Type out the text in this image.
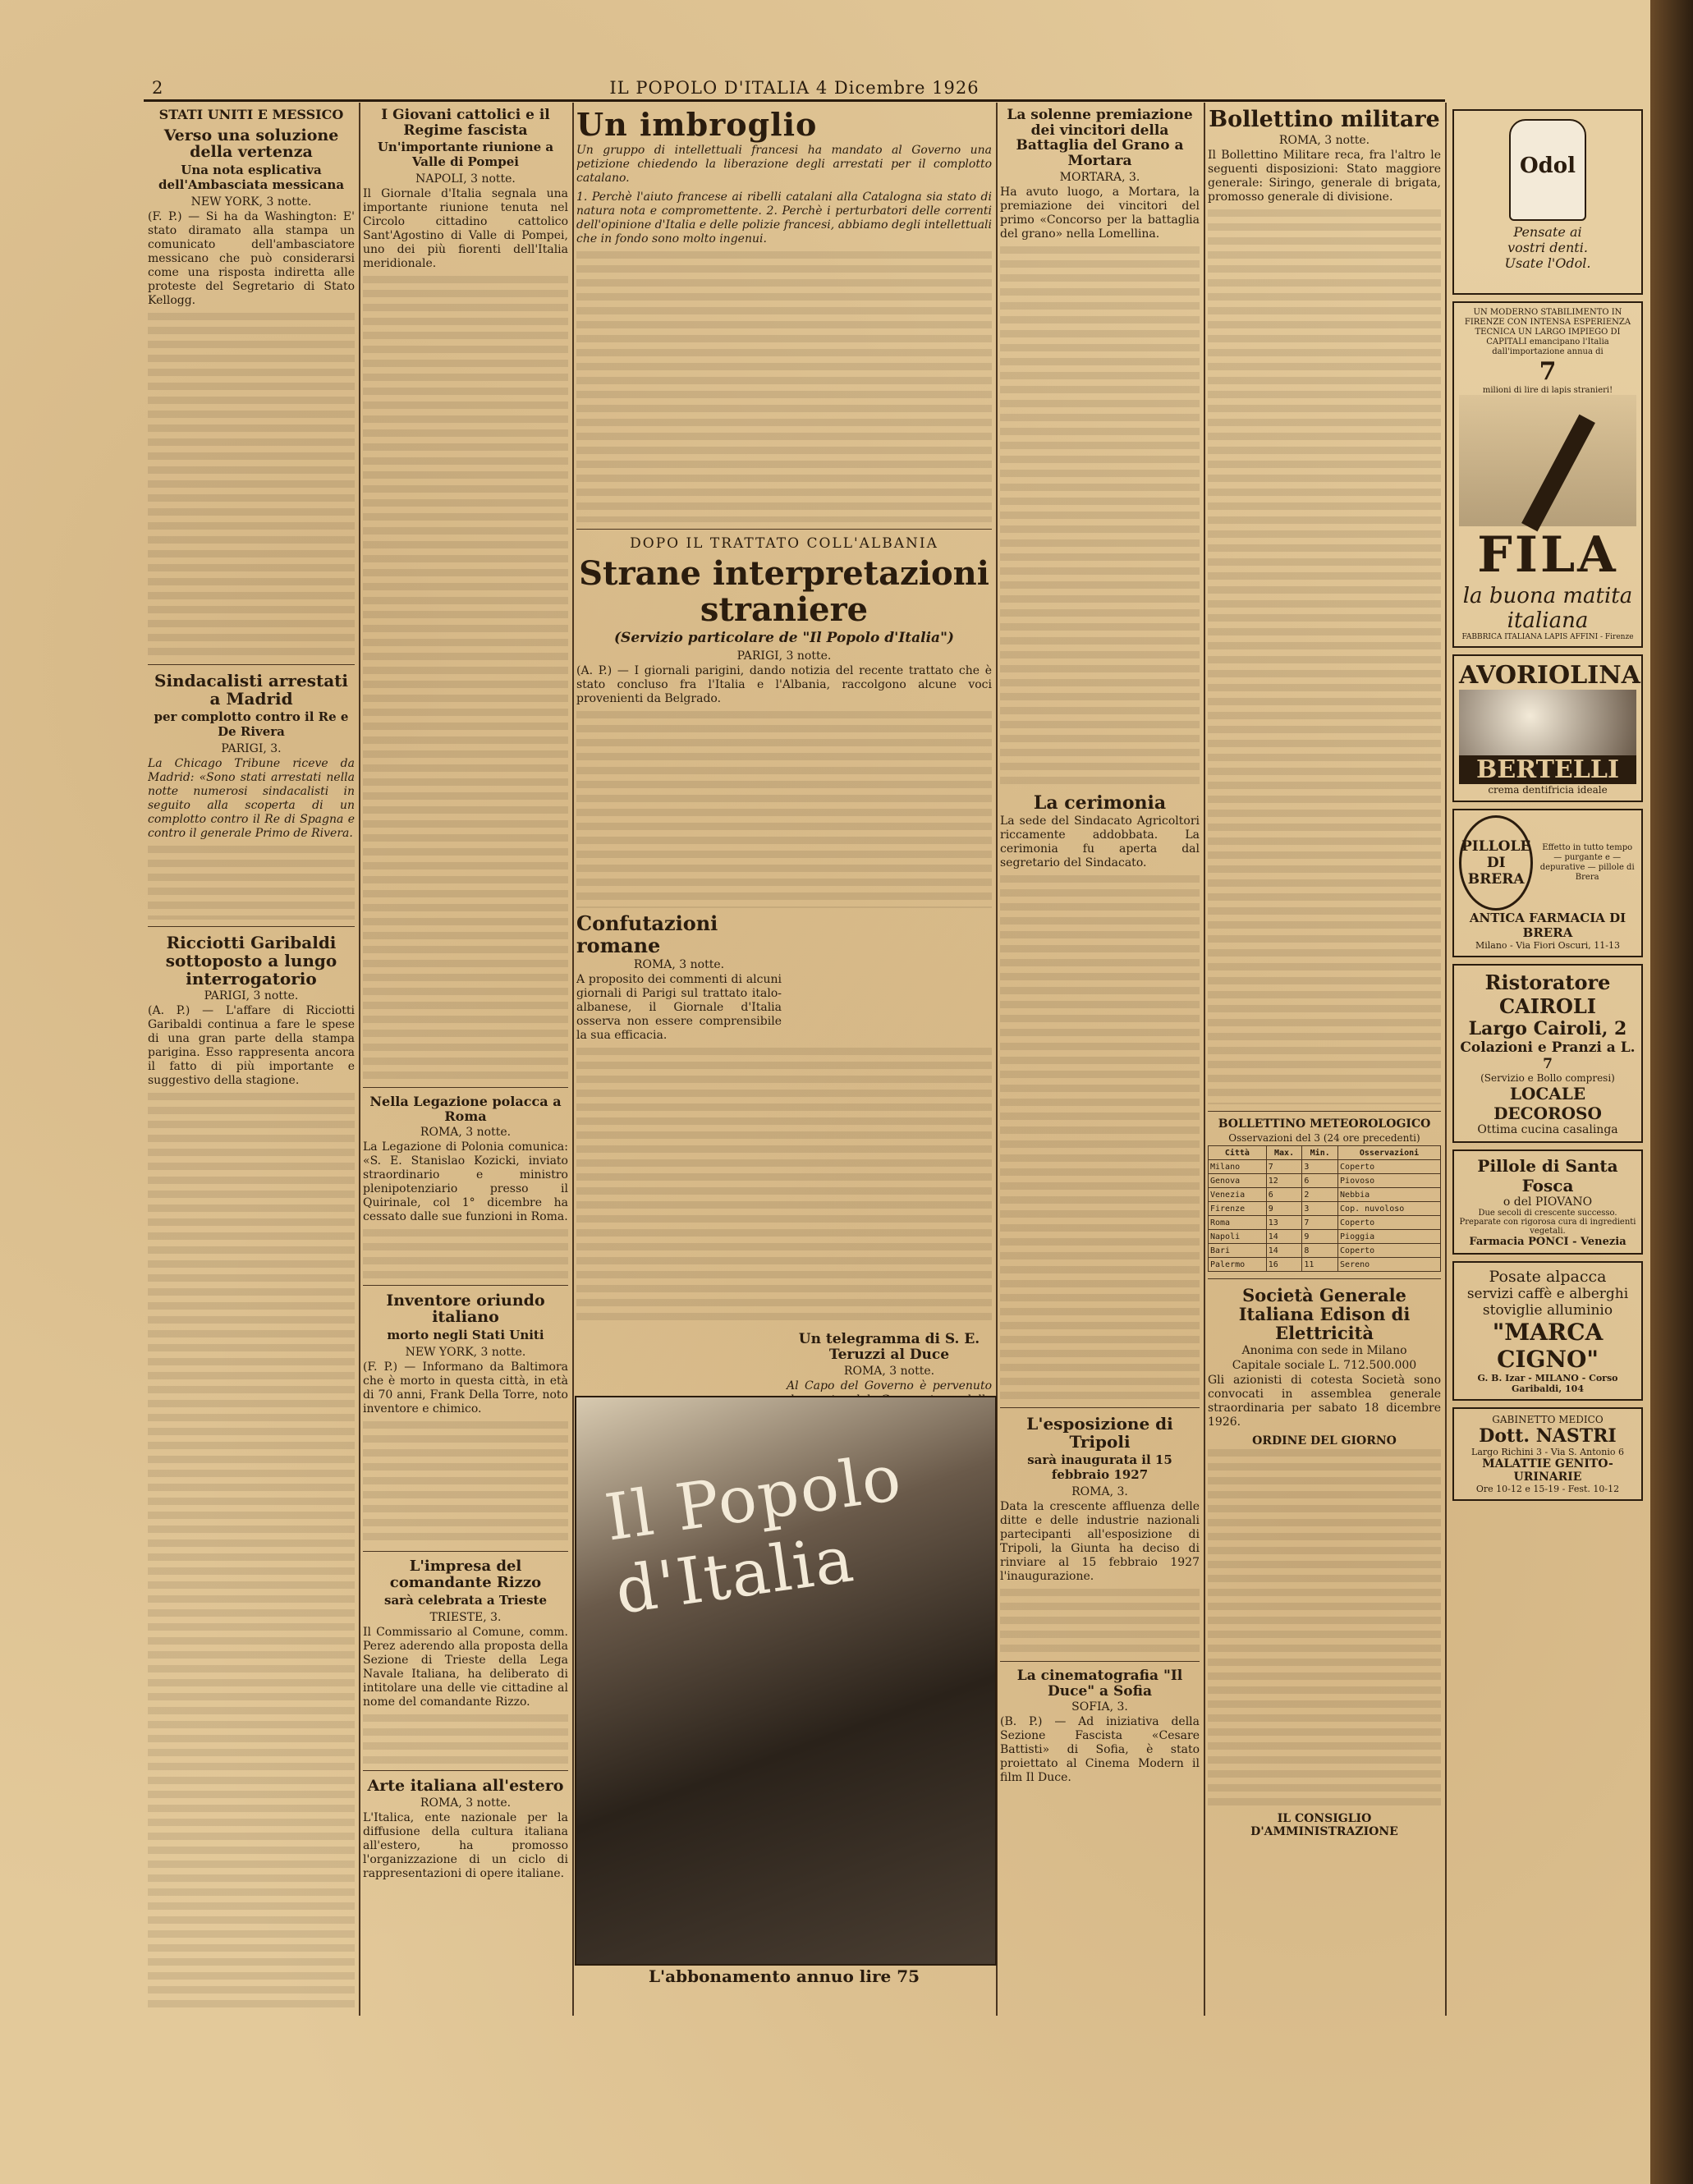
2	IL POPOLO D'ITALIA 4 Dicembre 1926
STATI UNITI E MESSICO
Verso una soluzione della vertenza
Una nota esplicativa dell'Ambasciata messicana
NEW YORK, 3 notte.

(F. P.) — Si ha da Washington: E' stato diramato alla stampa un comunicato dell'ambasciatore messicano che può considerarsi come una risposta indiretta alle proteste del Segretario di Stato Kellogg.

Sindacalisti arrestati a Madrid
per complotto contro il Re e De Rivera
PARIGI, 3.

La Chicago Tribune riceve da Madrid: «Sono stati arrestati nella notte numerosi sindacalisti in seguito alla scoperta di un complotto contro il Re di Spagna e contro il generale Primo de Rivera.

Ricciotti Garibaldi sottoposto a lungo interrogatorio
PARIGI, 3 notte.

(A. P.) — L'affare di Ricciotti Garibaldi continua a fare le spese di una gran parte della stampa parigina. Esso rappresenta ancora il fatto di più importante e suggestivo della stagione.

I Giovani cattolici e il Regime fascista
Un'importante riunione a Valle di Pompei
NAPOLI, 3 notte.

Il Giornale d'Italia segnala una importante riunione tenuta nel Circolo cittadino cattolico Sant'Agostino di Valle di Pompei, uno dei più fiorenti dell'Italia meridionale.

Nella Legazione polacca a Roma
ROMA, 3 notte.

La Legazione di Polonia comunica: «S. E. Stanislao Kozicki, inviato straordinario e ministro plenipotenziario presso il Quirinale, col 1° dicembre ha cessato dalle sue funzioni in Roma.

Inventore oriundo italiano
morto negli Stati Uniti
NEW YORK, 3 notte.

(F. P.) — Informano da Baltimora che è morto in questa città, in età di 70 anni, Frank Della Torre, noto inventore e chimico.

L'impresa del comandante Rizzo
sarà celebrata a Trieste
TRIESTE, 3.

Il Commissario al Comune, comm. Perez aderendo alla proposta della Sezione di Trieste della Lega Navale Italiana, ha deliberato di intitolare una delle vie cittadine al nome del comandante Rizzo.

Arte italiana all'estero
ROMA, 3 notte.

L'Italica, ente nazionale per la diffusione della cultura italiana all'estero, ha promosso l'organizzazione di un ciclo di rappresentazioni di opere italiane.

Un imbroglio

Un gruppo di intellettuali francesi ha mandato al Governo una petizione chiedendo la liberazione degli arrestati per il complotto catalano.

1. Perchè l'aiuto francese ai ribelli catalani alla Catalogna sia stato di natura nota e compromettente. 2. Perchè i perturbatori delle correnti dell'opinione d'Italia e delle polizie francesi, abbiamo degli intellettuali che in fondo sono molto ingenui.

DOPO IL TRATTATO COLL'ALBANIA
Strane interpretazioni straniere
(Servizio particolare de "Il Popolo d'Italia")
PARIGI, 3 notte.

(A. P.) — I giornali parigini, dando notizia del recente trattato che è stato concluso fra l'Italia e l'Albania, raccolgono alcune voci provenienti da Belgrado.

Confutazioni romane
ROMA, 3 notte.

A proposito dei commenti di alcuni giornali di Parigi sul trattato italo-albanese, il Giornale d'Italia osserva non essere comprensibile la sua efficacia.

Un telegramma di S. E. Teruzzi al Duce
ROMA, 3 notte.

Al Capo del Governo è pervenuto

Il Popolo d'Italia
L'abbonamento annuo lire 75
La solenne premiazione dei vincitori della Battaglia del Grano a Mortara
MORTARA, 3.

Ha avuto luogo, a Mortara, la premiazione dei vincitori del primo «Concorso per la battaglia del grano» nella Lomellina.

La cerimonia

La sede del Sindacato Agricoltori riccamente addobbata. La cerimonia fu aperta dal segretario del Sindacato.

L'esposizione di Tripoli
sarà inaugurata il 15 febbraio 1927
ROMA, 3.

Data la crescente affluenza delle ditte e delle industrie nazionali partecipanti all'esposizione di Tripoli, la Giunta ha deciso di rinviare al 15 febbraio 1927 l'inaugurazione.

La cinematografia "Il Duce" a Sofia
SOFIA, 3.

(B. P.) — Ad iniziativa della Sezione Fascista «Cesare Battisti» di Sofia, è stato proiettato al Cinema Modern il film Il Duce.

Bollettino militare
ROMA, 3 notte.

Il Bollettino Militare reca, fra l'altro le seguenti disposizioni: Stato maggiore generale: Siringo, generale di brigata, promosso generale di divisione.

BOLLETTINO METEOROLOGICO
Osservazioni del 3 (24 ore precedenti)
Città	Max.	Min.	Osservazioni
Milano	7	3	Coperto
Genova	12	6	Piovoso
Venezia	6	2	Nebbia
Firenze	9	3	Cop. nuvoloso
Roma	13	7	Coperto
Napoli	14	9	Pioggia
Bari	14	8	Coperto
Palermo	16	11	Sereno
Società Generale Italiana Edison di Elettricità
Anonima con sede in Milano
Capitale sociale L. 712.500.000

Gli azionisti di cotesta Società sono convocati in assemblea generale straordinaria per sabato 18 dicembre 1926.

ORDINE DEL GIORNO
IL CONSIGLIO D'AMMINISTRAZIONE
Odol
Pensate ai
vostri denti.
Usate l'Odol.
UN MODERNO STABILIMENTO IN FIRENZE CON INTENSA ESPERIENZA TECNICA UN LARGO IMPIEGO DI CAPITALI emancipano l'Italia dall'importazione annua di
7
milioni di lire di lapis stranieri!
FILA
la buona matita italiana
FABBRICA ITALIANA LAPIS AFFINI - Firenze
AVORIOLINA
BERTELLI
crema dentifricia ideale
PILLOLE DI BRERA
Effetto in tutto tempo — purgante e — depurative — pillole di Brera
ANTICA FARMACIA DI BRERA
Milano - Via Fiori Oscuri, 11-13
Ristoratore CAIROLI
Largo Cairoli, 2
Colazioni e Pranzi a L. 7
(Servizio e Bollo compresi)
LOCALE DECOROSO
Ottima cucina casalinga
Pillole di Santa Fosca
o del PIOVANO
Due secoli di crescente successo. Preparate con rigorosa cura di ingredienti vegetali.
Farmacia PONCI - Venezia
Posate alpacca
servizi caffè e alberghi
stoviglie alluminio
"MARCA CIGNO"
G. B. Izar - MILANO - Corso Garibaldi, 104
GABINETTO MEDICO
Dott. NASTRI
Largo Richini 3 - Via S. Antonio 6
MALATTIE GENITO-URINARIE
Ore 10-12 e 15-19 - Fest. 10-12
